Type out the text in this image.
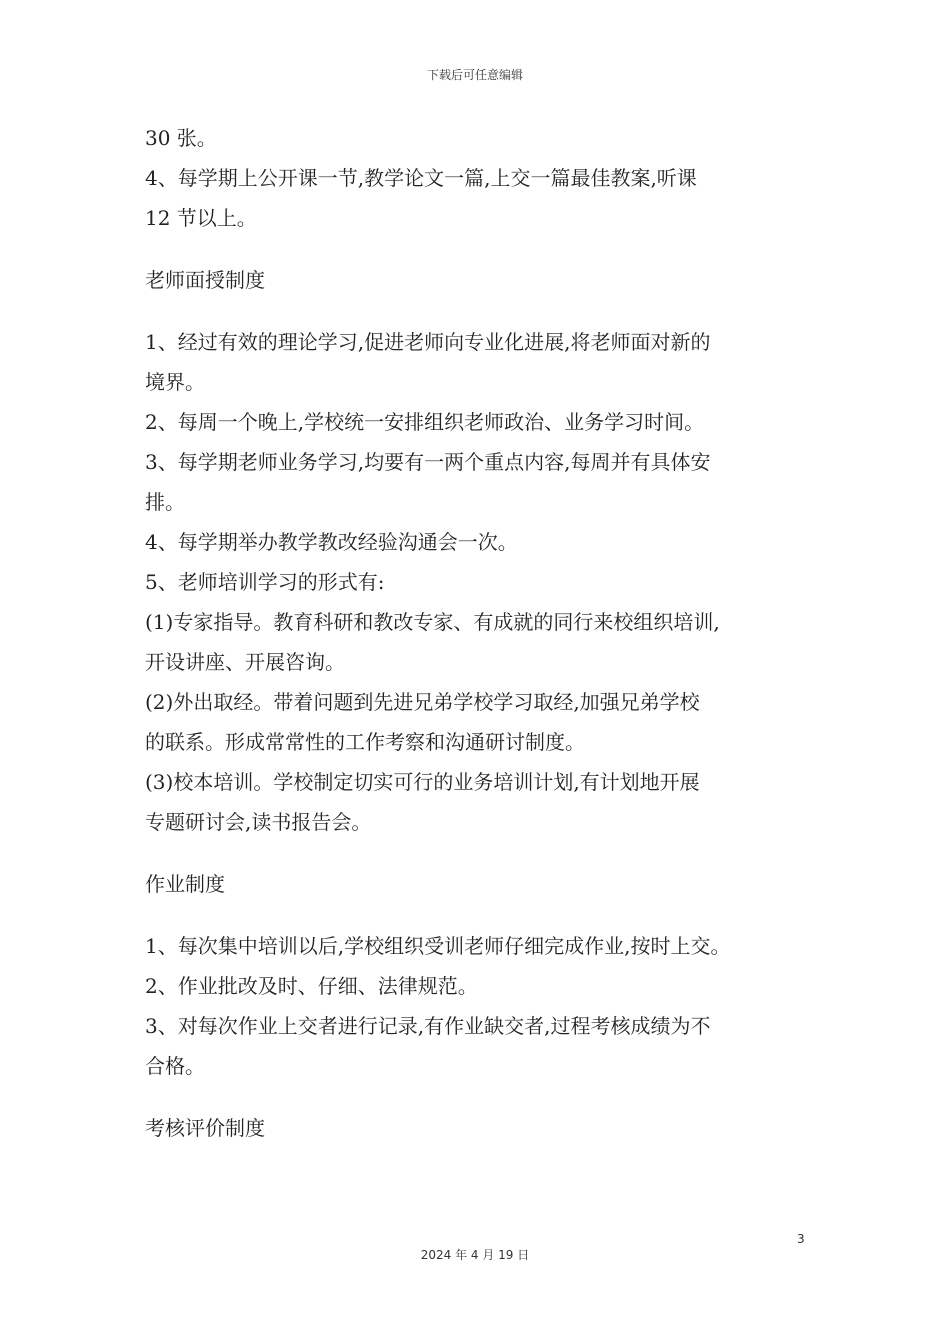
下载后可任意编辑

30 张。

4、每学期上公开课一节,教学论文一篇,上交一篇最佳教案,听课

12 节以上。

老师面授制度

1、经过有效的理论学习,促进老师向专业化进展,将老师面对新的

境界。

2、每周一个晚上,学校统一安排组织老师政治、业务学习时间。

3、每学期老师业务学习,均要有一两个重点内容,每周并有具体安

排。

4、每学期举办教学教改经验沟通会一次。

5、老师培训学习的形式有:

(1)专家指导。教育科研和教改专家、有成就的同行来校组织培训,

开设讲座、开展咨询。

(2)外出取经。带着问题到先进兄弟学校学习取经,加强兄弟学校

的联系。形成常常性的工作考察和沟通研讨制度。

(3)校本培训。学校制定切实可行的业务培训计划,有计划地开展

专题研讨会,读书报告会。

作业制度

1、每次集中培训以后,学校组织受训老师仔细完成作业,按时上交。

2、作业批改及时、仔细、法律规范。

3、对每次作业上交者进行记录,有作业缺交者,过程考核成绩为不

合格。

考核评价制度

3
2024 年 4 月 19 日
